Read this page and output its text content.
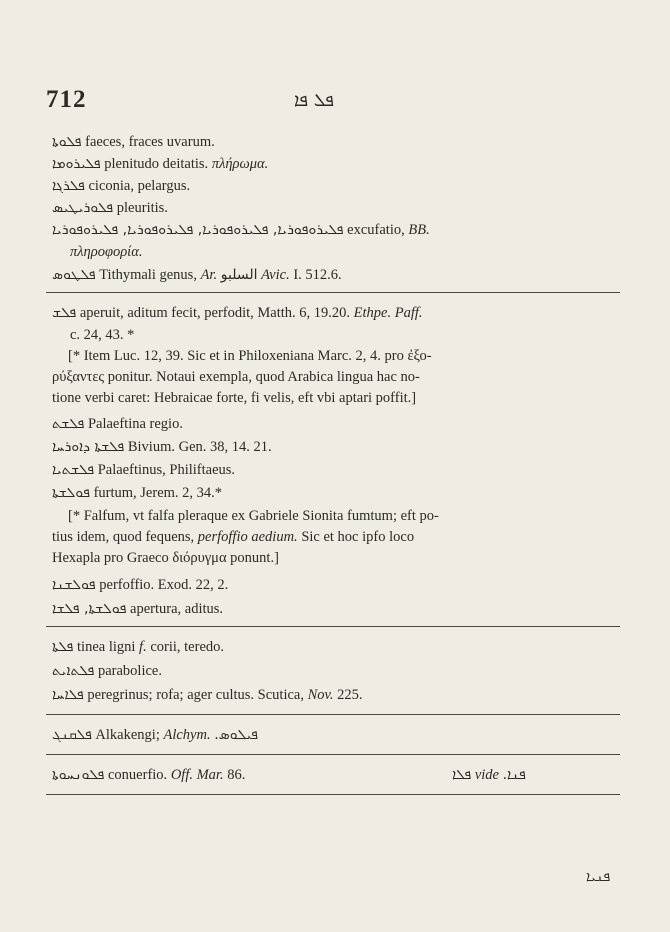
712	ܦܠ ܦܐ
ܦܠܘܬܐ faeces, fraces uvarum.
ܦܠܝܪܘܡܐ plenitudo deitatis. πλήρωμα.
ܦܠܪܓܐ ciconia, pelargus.
ܦܠܘܪܝܛܝܣ pleuritis.
ܦܠܝܪܘܦܘܪܝܐ, ܦܠܝܪܘܦܘܪܝܐ, ܦܠܝܪܘܦܘܪܝܐ, ܦܠܝܪܘܦܘܪܝܐ excufatio, BB.
πληροφορία.
ܦܠܛܘܣ Tithymali genus, Ar. ﺍﻟﺴﻠﺒﻮ Avic. I. 512.6.
ܦܠܫ aperuit, aditum fecit, perfodit, Matth. 6, 19.20. Ethpe. Paff.
c. 24, 43. *
[* Item Luc. 12, 39. Sic et in Philoxeniana Marc. 2, 4. pro ἐξο-
ρύξαντες ponitur. Notaui exempla, quod Arabica lingua hac no-
tione verbi caret: Hebraicae forte, fi velis, eft vbi aptari poffit.]
ܦܠܫܬ Palaeftina regio.
ܦܠܫܬܐ ܕܐܘܪܚܐ Bivium. Gen. 38, 14. 21.
ܦܠܫܬܝܐ Palaeftinus, Philiftaeus.
ܦܘܠܫܬܐ furtum, Jerem. 2, 34.*
[* Falfum, vt falfa pleraque ex Gabriele Sionita fumtum; eft po-
tius idem, quod fequens, perfoffio aedium. Sic et hoc ipfo loco
Hexapla pro Graeco διόρυγμα ponunt.]
ܦܘܠܫܢܐ perfoffio. Exod. 22, 2.
ܦܘܠܫܬܐ, ܦܠܫܐ apertura, aditus.
ܦܠܬܐ tinea ligni f. corii, teredo.
ܦܠܬܐܝܬ parabolice.
ܦܠܐܚܐ peregrinus; rofa; ager cultus. Scutica, Nov. 225.
ܦܠܩܢܓ Alkakengi; Alchym. ܦܝܠܘܣ.
ܦܠܘܢܚܘܬܐ conuerfio. Off. Mar. 86.	ܦܠܐ vide ܦܢܐ.
ܦܢܝܐ
